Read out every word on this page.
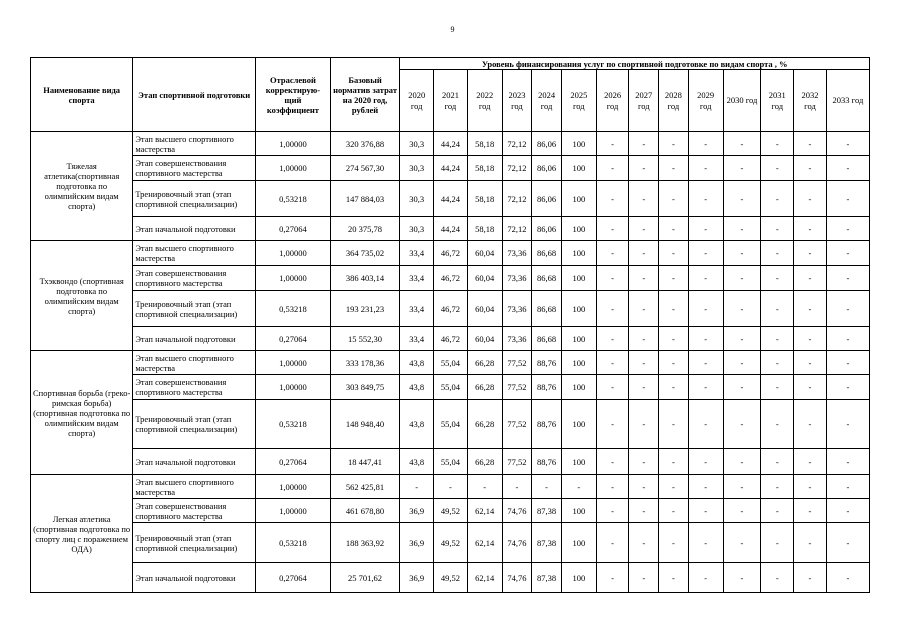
9
Наименование вида спорта	Этап спортивной подготовки	Отраслевой корректирую-щий коэффициент	Базовый норматив затрат на 2020 год, рублей	Уровень финансирования услуг по спортивной подготовке по видам спорта , %													
				2020 год	2021 год	2022 год	2023 год	2024 год	2025 год	2026 год	2027 год	2028 год	2029 год	2030 год	2031 год	2032 год	2033 год
Тяжелая атлетика(спортивная подготовка по олимпийским видам спорта)	Этап высшего спортивного мастерства	1,00000	320 376,88	30,3	44,24	58,18	72,12	86,06	100	-	-	-	-	-	-	-	-
	Этап совершенствования спортивного мастерства	1,00000	274 567,30	30,3	44,24	58,18	72,12	86,06	100	-	-	-	-	-	-	-	-
	Тренировочный этап (этап спортивной специализации)	0,53218	147 884,03	30,3	44,24	58,18	72,12	86,06	100	-	-	-	-	-	-	-	-
	Этап начальной подготовки	0,27064	20 375,78	30,3	44,24	58,18	72,12	86,06	100	-	-	-	-	-	-	-	-
Тхэквондо (спортивная подготовка по олимпийским видам спорта)	Этап высшего спортивного мастерства	1,00000	364 735,02	33,4	46,72	60,04	73,36	86,68	100	-	-	-	-	-	-	-	-
	Этап совершенствования спортивного мастерства	1,00000	386 403,14	33,4	46,72	60,04	73,36	86,68	100	-	-	-	-	-	-	-	-
	Тренировочный этап (этап спортивной специализации)	0,53218	193 231,23	33,4	46,72	60,04	73,36	86,68	100	-	-	-	-	-	-	-	-
	Этап начальной подготовки	0,27064	15 552,30	33,4	46,72	60,04	73,36	86,68	100	-	-	-	-	-	-	-	-
Спортивная борьба (греко-римская борьба) (спортивная подготовка по олимпийским видам спорта)	Этап высшего спортивного мастерства	1,00000	333 178,36	43,8	55,04	66,28	77,52	88,76	100	-	-	-	-	-	-	-	-
	Этап совершенствования спортивного мастерства	1,00000	303 849,75	43,8	55,04	66,28	77,52	88,76	100	-	-	-	-	-	-	-	-
	Тренировочный этап (этап спортивной специализации)	0,53218	148 948,40	43,8	55,04	66,28	77,52	88,76	100	-	-	-	-	-	-	-	-
	Этап начальной подготовки	0,27064	18 447,41	43,8	55,04	66,28	77,52	88,76	100	-	-	-	-	-	-	-	-
Легкая атлетика (спортивная подготовка по спорту лиц с поражением ОДА)	Этап высшего спортивного мастерства	1,00000	562 425,81	-	-	-	-	-	-	-	-	-	-	-	-	-	-
	Этап совершенствования спортивного мастерства	1,00000	461 678,80	36,9	49,52	62,14	74,76	87,38	100	-	-	-	-	-	-	-	-
	Тренировочный этап (этап спортивной специализации)	0,53218	188 363,92	36,9	49,52	62,14	74,76	87,38	100	-	-	-	-	-	-	-	-
	Этап начальной подготовки	0,27064	25 701,62	36,9	49,52	62,14	74,76	87,38	100	-	-	-	-	-	-	-	-
